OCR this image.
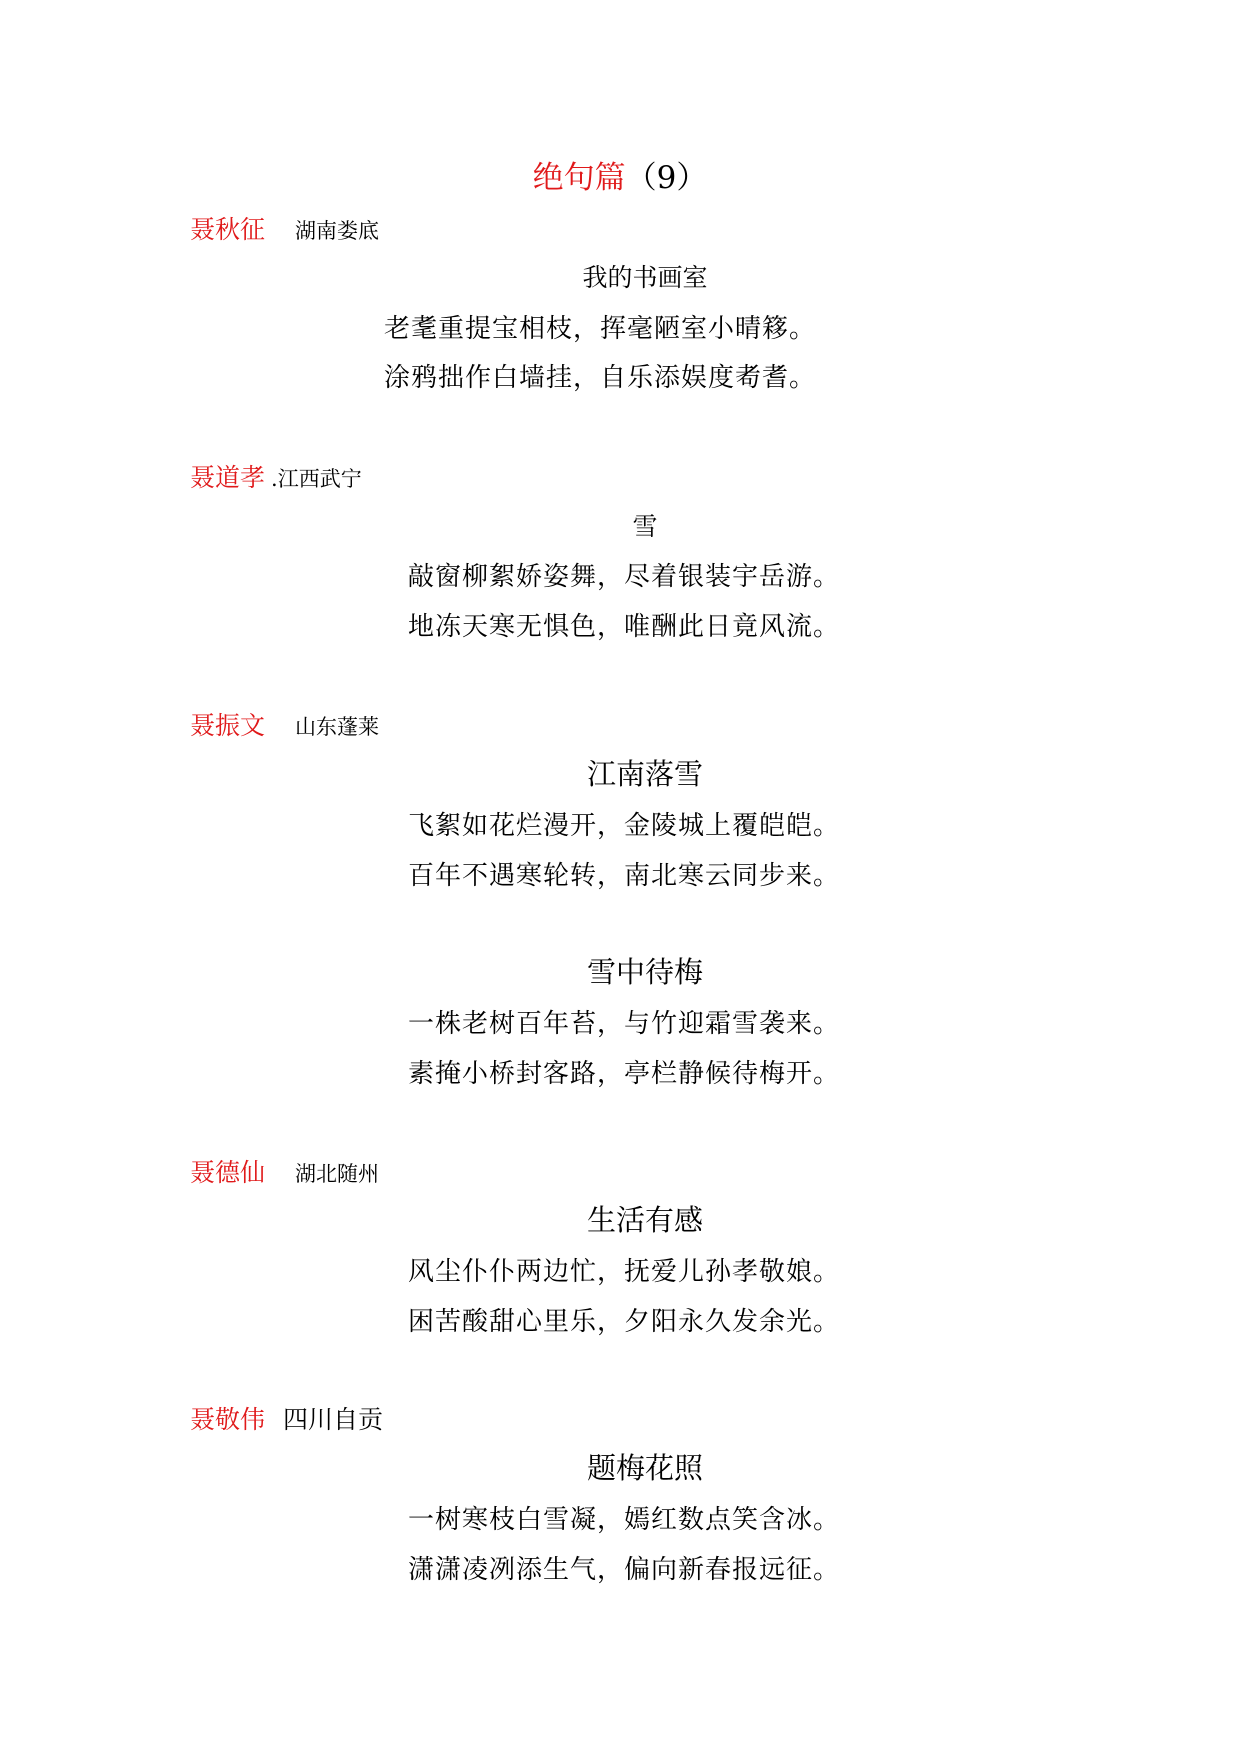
绝句篇（9）
聂秋征 湖南娄底
我的书画室
老耄重提宝相枝，挥毫陋室小晴簃。
涂鸦拙作白墙挂，自乐添娱度耇耆。
聂道孝 .江西武宁
雪
敲窗柳絮娇姿舞，尽着银装宇岳游。
地冻天寒无惧色，唯酬此日竟风流。
聂振文 山东蓬莱
江南落雪
飞絮如花烂漫开，金陵城上覆皑皑。
百年不遇寒轮转，南北寒云同步来。
雪中待梅
一株老树百年苔，与竹迎霜雪袭来。
素掩小桥封客路，亭栏静候待梅开。
聂德仙 湖北随州
生活有感
风尘仆仆两边忙，抚爱儿孙孝敬娘。
困苦酸甜心里乐，夕阳永久发余光。
聂敬伟 四川自贡
题梅花照
一树寒枝白雪凝，嫣红数点笑含冰。
潇潇凌冽添生气，偏向新春报远征。
